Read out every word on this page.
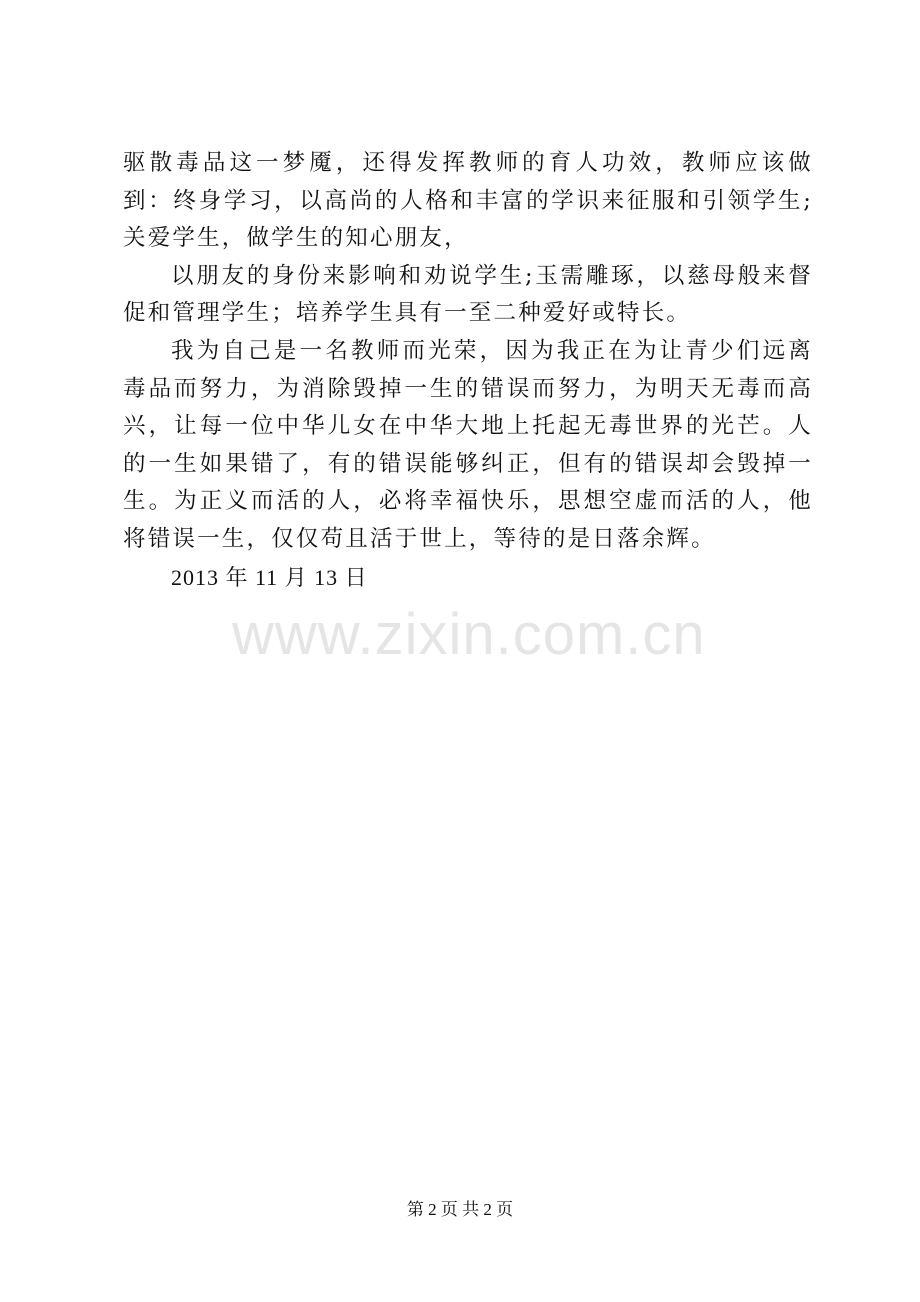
驱散毒品这一梦魇，还得发挥教师的育人功效，教师应该做到：终身学习，以高尚的人格和丰富的学识来征服和引领学生;关爱学生，做学生的知心朋友，

以朋友的身份来影响和劝说学生;玉需雕琢，以慈母般来督促和管理学生；培养学生具有一至二种爱好或特长。

我为自己是一名教师而光荣，因为我正在为让青少们远离毒品而努力，为消除毁掉一生的错误而努力，为明天无毒而高兴，让每一位中华儿女在中华大地上托起无毒世界的光芒。人的一生如果错了，有的错误能够纠正，但有的错误却会毁掉一生。为正义而活的人，必将幸福快乐，思想空虚而活的人，他将错误一生，仅仅苟且活于世上，等待的是日落余辉。

2013 年 11 月 13 日

www.zixin.com.cn
第 2 页 共 2 页
